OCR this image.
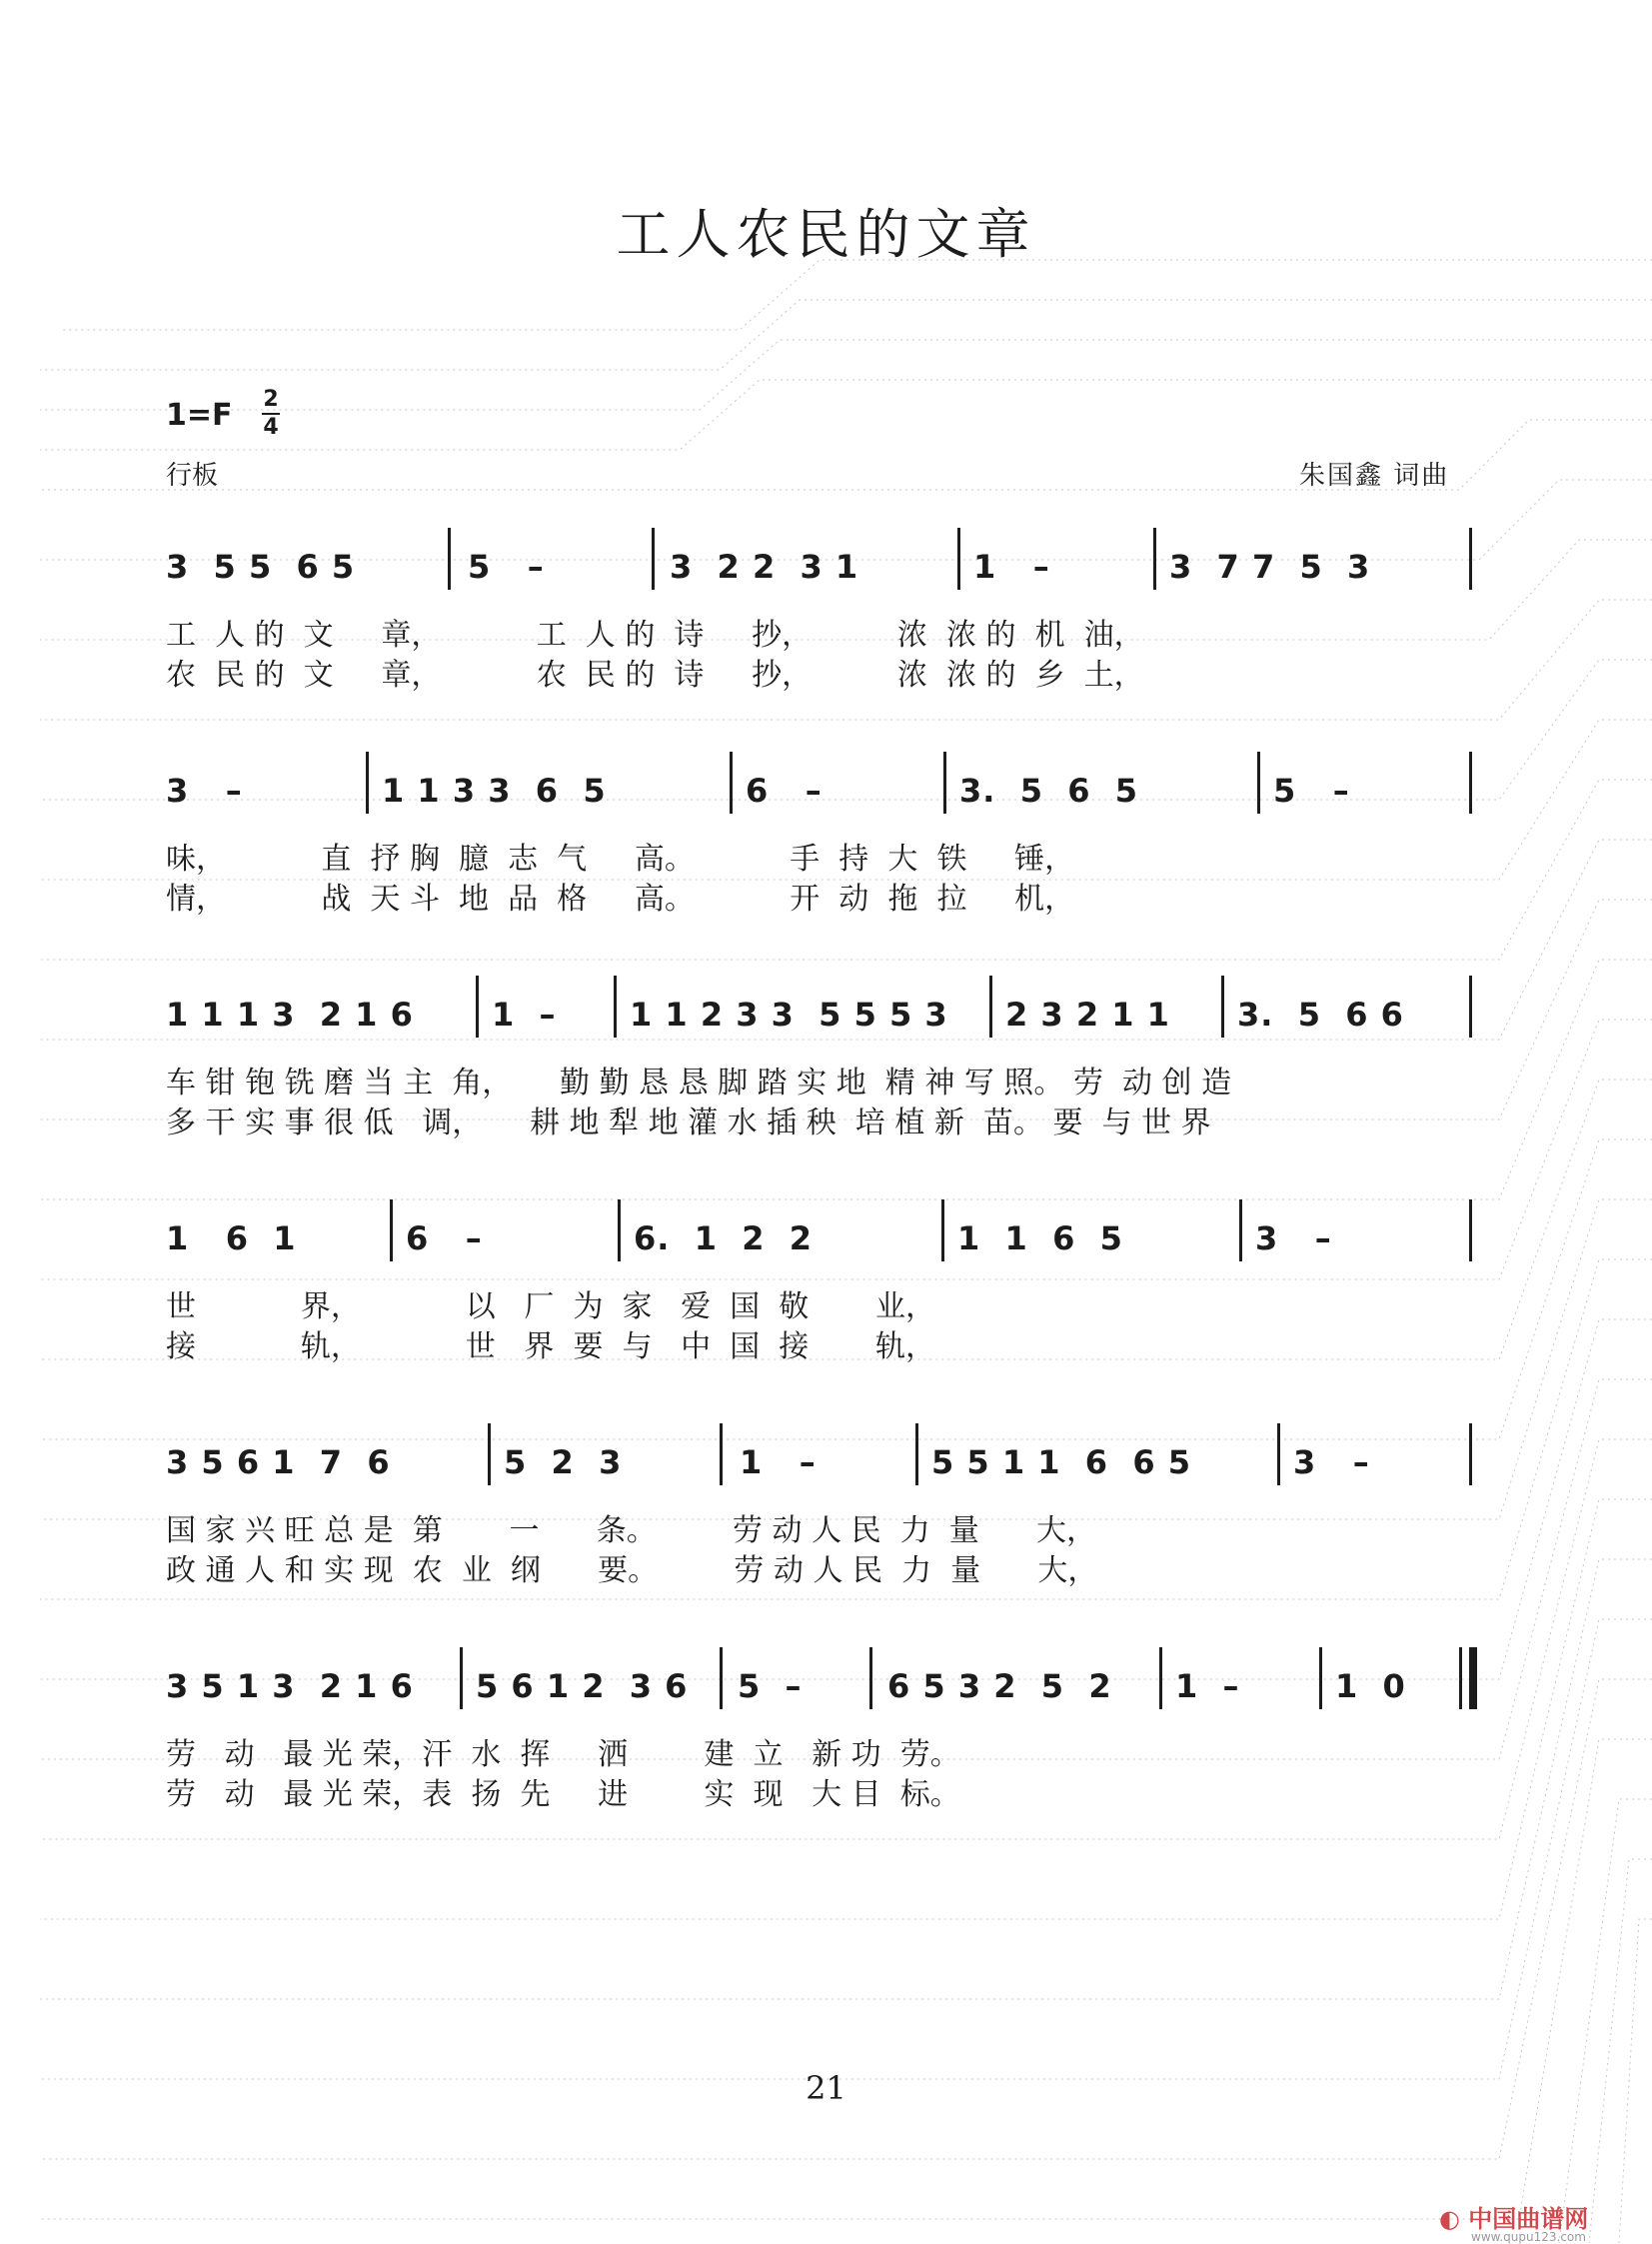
工人农民的文章
1=F 2
4
行板	朱国鑫 词曲
3  5 5  6 5	5   –	3  2 2  3 1	1   –	3  7 7  5  3
工  人 的  文     章，          工  人 的  诗     抄，         浓  浓 的  机  油，
农  民 的  文     章，          农  民 的  诗     抄，         浓  浓 的  乡  土，
3   –	1 1 3 3  6  5	6   –	3.  5  6  5	5   –
味，          直  抒 胸  臆  志  气     高。          手  持  大  铁     锤，
情，          战  天 斗  地  品  格     高。          开  动  拖  拉     机，
1 1 1 3  2 1 6 1  – 1 1 2 3 3  5 5 5 3 2 3 2 1 1 3.  5  6 6
车 钳 铇 铣 磨 当 主  角，     勤 勤 恳 恳 脚 踏 实 地  精 神 写 照。 劳  动 创 造
多 干 实 事 很 低   调，     耕 地 犁 地 灌 水 插 秧  培 植 新  苗。 要  与 世 界
1   6  1	6   –	6.  1  2  2	1  1  6  5	3   –
世           界，           以   厂  为  家   爱  国  敬       业，
接           轨，           世   界  要  与   中  国  接       轨，
3 5 6 1  7  6	5  2  3	1   –	5 5 1 1  6  6 5	3   –
国 家 兴 旺 总 是  第       一      条。        劳 动 人 民  力  量      大，
政 通 人 和 实 现  农  业  纲      要。        劳 动 人 民  力  量      大，
3 5 1 3  2 1 6 5 6 1 2  3 6 5  –	6 5 3 2  5  2 1  –	1  0
劳   动   最 光 荣，汗  水  挥     洒        建  立   新 功  劳。
劳   动   最 光 荣，表  扬  先     进        实  现   大 目  标。
21
◐ 中国曲谱网
www.qupu123.com
